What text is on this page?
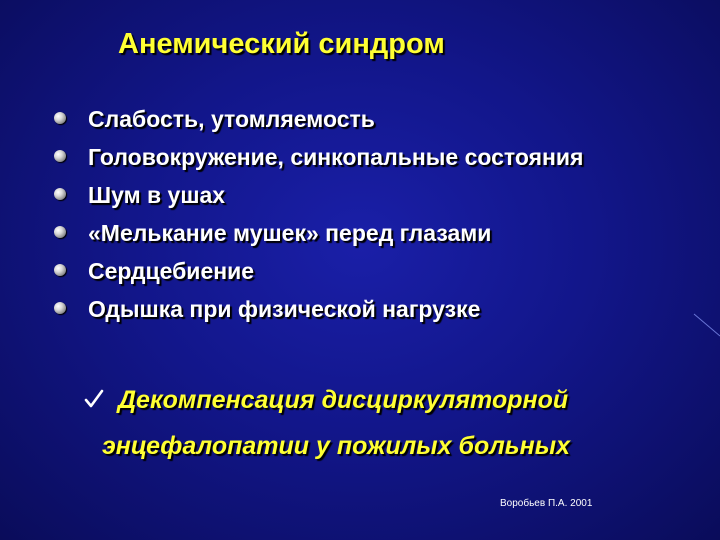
Анемический синдром
Слабость, утомляемость
Головокружение, синкопальные состояния
Шум в ушах
«Мелькание мушек» перед глазами
Сердцебиение
Одышка при физической нагрузке
Декомпенсация дисциркуляторной
энцефалопатии у пожилых больных
Воробьев П.А. 2001
